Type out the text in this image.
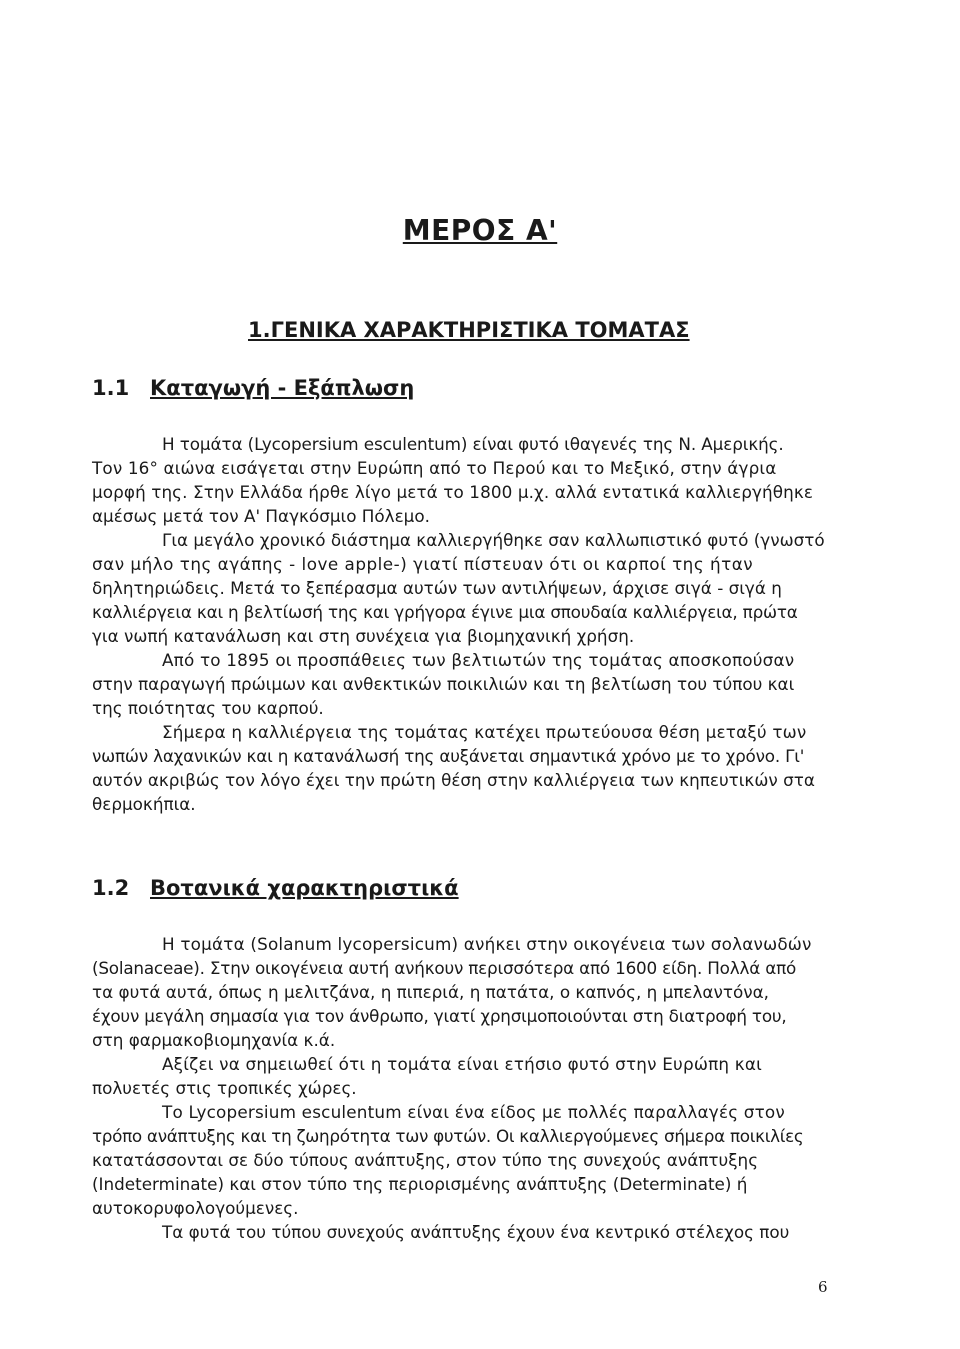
ΜΕΡΟΣ Α'
1.ΓΕΝΙΚΑ ΧΑΡΑΚΤΗΡΙΣΤΙΚΑ ΤΟΜΑΤΑΣ
1.1 Καταγωγή - Εξάπλωση
Η τομάτα (Lycopersium esculentum) είναι φυτό ιθαγενές της Ν. Αμερικής.
Τον 16° αιώνα εισάγεται στην Ευρώπη από το Περού και το Μεξικό, στην άγρια
μορφή της. Στην Ελλάδα ήρθε λίγο μετά το 1800 μ.χ. αλλά εντατικά καλλιεργήθηκε
αμέσως μετά τον Α' Παγκόσμιο Πόλεμο.
Για μεγάλο χρονικό διάστημα καλλιεργήθηκε σαν καλλωπιστικό φυτό (γνωστό
σαν μήλο της αγάπης - love apple-) γιατί πίστευαν ότι οι καρποί της ήταν
δηλητηριώδεις. Μετά το ξεπέρασμα αυτών των αντιλήψεων, άρχισε σιγά - σιγά η
καλλιέργεια και η βελτίωσή της και γρήγορα έγινε μια σπουδαία καλλιέργεια, πρώτα
για νωπή κατανάλωση και στη συνέχεια για βιομηχανική χρήση.
Από το 1895 οι προσπάθειες των βελτιωτών της τομάτας αποσκοπούσαν
στην παραγωγή πρώιμων και ανθεκτικών ποικιλιών και τη βελτίωση του τύπου και
της ποιότητας του καρπού.
Σήμερα η καλλιέργεια της τομάτας κατέχει πρωτεύουσα θέση μεταξύ των
νωπών λαχανικών και η κατανάλωσή της αυξάνεται σημαντικά χρόνο με το χρόνο. Γι'
αυτόν ακριβώς τον λόγο έχει την πρώτη θέση στην καλλιέργεια των κηπευτικών στα
θερμοκήπια.
1.2 Βοτανικά χαρακτηριστικά
Η τομάτα (Solanum lycopersicum) ανήκει στην οικογένεια των σολανωδών
(Solanaceae). Στην οικογένεια αυτή ανήκουν περισσότερα από 1600 είδη. Πολλά από
τα φυτά αυτά, όπως η μελιτζάνα, η πιπεριά, η πατάτα, ο καπνός, η μπελαντόνα,
έχουν μεγάλη σημασία για τον άνθρωπο, γιατί χρησιμοποιούνται στη διατροφή του,
στη φαρμακοβιομηχανία κ.ά.
Αξίζει να σημειωθεί ότι η τομάτα είναι ετήσιο φυτό στην Ευρώπη και
πολυετές στις τροπικές χώρες.
Το Lycopersium esculentum είναι ένα είδος με πολλές παραλλαγές στον
τρόπο ανάπτυξης και τη ζωηρότητα των φυτών. Οι καλλιεργούμενες σήμερα ποικιλίες
κατατάσσονται σε δύο τύπους ανάπτυξης, στον τύπο της συνεχούς ανάπτυξης
(Indeterminate) και στον τύπο της περιορισμένης ανάπτυξης (Determinate) ή
αυτοκορυφολογούμενες.
Τα φυτά του τύπου συνεχούς ανάπτυξης έχουν ένα κεντρικό στέλεχος που
6
